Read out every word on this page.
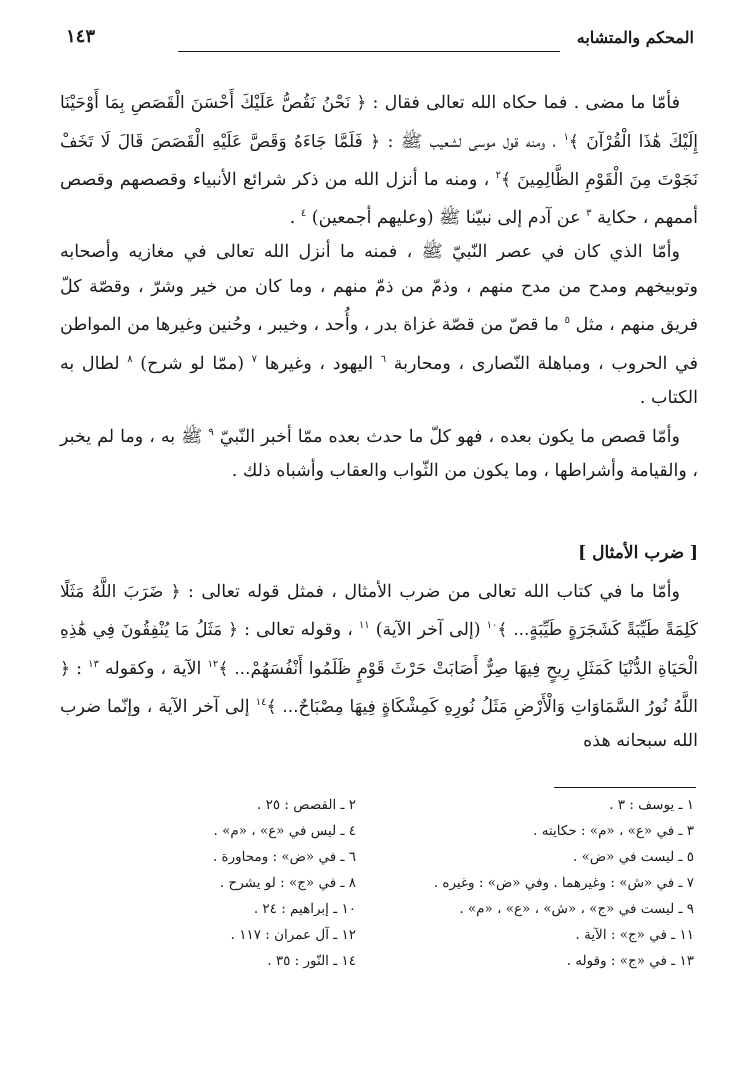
المحكم والمتشابه
١٤٣

فأمّا ما مضى . فما حكاه الله تعالى فقال : ﴿ نَحْنُ نَقُصُّ عَلَيْكَ أَحْسَنَ الْقَصَصِ بِمَا أَوْحَيْنَا إِلَيْكَ هَٰذَا الْقُرْآنَ ﴾$^١$ ، ومنه قول موسى لشعيب ﷺ : ﴿ فَلَمَّا جَاءَهُ وَقَصَّ عَلَيْهِ الْقَصَصَ قَالَ لَا تَخَفْ نَجَوْتَ مِنَ الْقَوْمِ الظَّالِمِينَ ﴾$^٢$ ، ومنه ما أنزل الله من ذكر شرائع الأنبياء وقصصهم وقصص أممهم ، حكاية $^٣$ عن آدم إلى نبيّنا ﷺ (وعليهم أجمعين) $^٤$ .

وأمّا الذي كان في عصر النّبيّ ﷺ ، فمنه ما أنزل الله تعالى في مغازيه وأصحابه وتوبيخهم ومدح من مدح منهم ، وذمّ من ذمّ منهم ، وما كان من خير وشرّ ، وقصّة كلّ فريق منهم ، مثل $^٥$ ما قصّ من قصّة غزاة بدر ، وأُحد ، وخيبر ، وحُنين وغيرها من المواطن في الحروب ، ومباهلة النّصارى ، ومحاربة $^٦$ اليهود ، وغيرها $^٧$ (ممّا لو شرح) $^٨$ لطال به الكتاب .

وأمّا قصص ما يكون بعده ، فهو كلّ ما حدث بعده ممّا أخبر النّبيّ $^٩$ ﷺ به ، وما لم يخبر ، والقيامة وأشراطها ، وما يكون من الثّواب والعقاب وأشباه ذلك .

[ ضرب الأمثال ]

وأمّا ما في كتاب الله تعالى من ضرب الأمثال ، فمثل قوله تعالى : ﴿ ضَرَبَ اللَّهُ مَثَلًا كَلِمَةً طَيِّبَةً كَشَجَرَةٍ طَيِّبَةٍ... ﴾$^{١٠}$ (إلى آخر الآية) $^{١١}$ ، وقوله تعالى : ﴿ مَثَلُ مَا يُنْفِقُونَ فِي هَٰذِهِ الْحَيَاةِ الدُّنْيَا كَمَثَلِ رِيحٍ فِيهَا صِرٌّ أَصَابَتْ حَرْثَ قَوْمٍ ظَلَمُوا أَنْفُسَهُمْ... ﴾$^{١٢}$ الآية ، وكقوله $^{١٣}$ : ﴿ اللَّهُ نُورُ السَّمَاوَاتِ وَالْأَرْضِ مَثَلُ نُورِهِ كَمِشْكَاةٍ فِيهَا مِصْبَاحٌ... ﴾$^{١٤}$ إلى آخر الآية ، وإنّما ضرب الله سبحانه هذه

١ ـ يوسف : ٣ .
٢ ـ القصص : ٢٥ .
٣ ـ في «ع» ، «م» : حكايته .
٤ ـ ليس في «ع» ، «م» .
٥ ـ ليست في «ض» .
٦ ـ في «ض» : ومحاورة .
٧ ـ في «ش» : وغيرهما . وفي «ض» : وغيره .
٨ ـ في «ج» : لو يشرح .
٩ ـ ليست في «ج» ، «ش» ، «ع» ، «م» .
١٠ ـ إبراهيم : ٢٤ .
١١ ـ في «ج» : الآية .
١٢ ـ آل عمران : ١١٧ .
١٣ ـ في «ج» : وقوله .
١٤ ـ النّور : ٣٥ .
